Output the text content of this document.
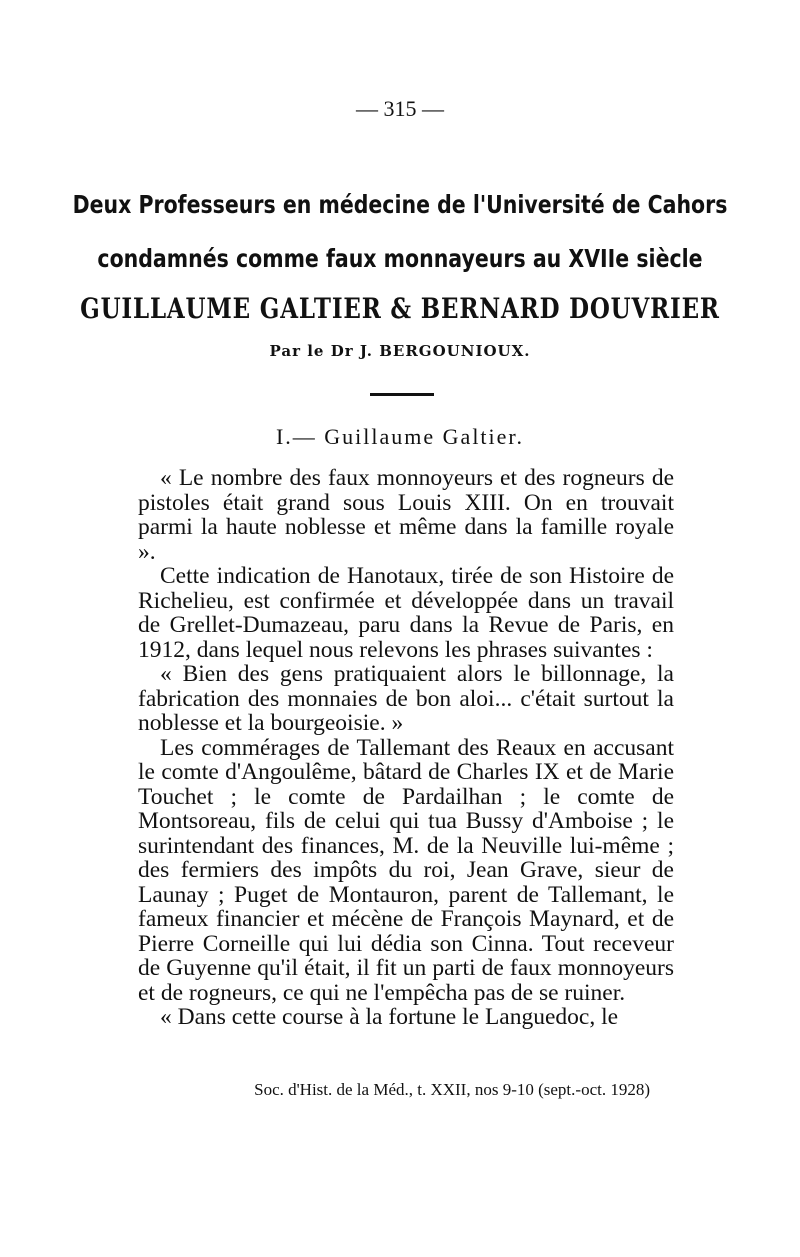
— 315 —
Deux Professeurs en médecine de l'Université de Cahors
condamnés comme faux monnayeurs au XVIIe siècle
GUILLAUME GALTIER & BERNARD DOUVRIER
Par le Dr J. BERGOUNIOUX.
I.— Guillaume Galtier.

« Le nombre des faux monnoyeurs et des rogneurs de pistoles était grand sous Louis XIII. On en trouvait parmi la haute noblesse et même dans la famille royale ».

Cette indication de Hanotaux, tirée de son Histoire de Richelieu, est confirmée et développée dans un travail de Grellet-Dumazeau, paru dans la Revue de Paris, en 1912, dans lequel nous relevons les phrases suivantes :

« Bien des gens pratiquaient alors le billonnage, la fabrication des monnaies de bon aloi... c'était surtout la noblesse et la bourgeoisie. »

Les commérages de Tallemant des Reaux en accusant le comte d'Angoulême, bâtard de Charles IX et de Marie Touchet ; le comte de Pardailhan ; le comte de Montsoreau, fils de celui qui tua Bussy d'Amboise ; le surintendant des finances, M. de la Neuville lui-même ; des fermiers des impôts du roi, Jean Grave, sieur de Launay ; Puget de Montauron, parent de Tallemant, le fameux financier et mécène de François Maynard, et de Pierre Corneille qui lui dédia son Cinna. Tout receveur de Guyenne qu'il était, il fit un parti de faux monnoyeurs et de rogneurs, ce qui ne l'empêcha pas de se ruiner.

« Dans cette course à la fortune le Languedoc, le

Soc. d'Hist. de la Méd., t. XXII, nos 9-10 (sept.-oct. 1928)
